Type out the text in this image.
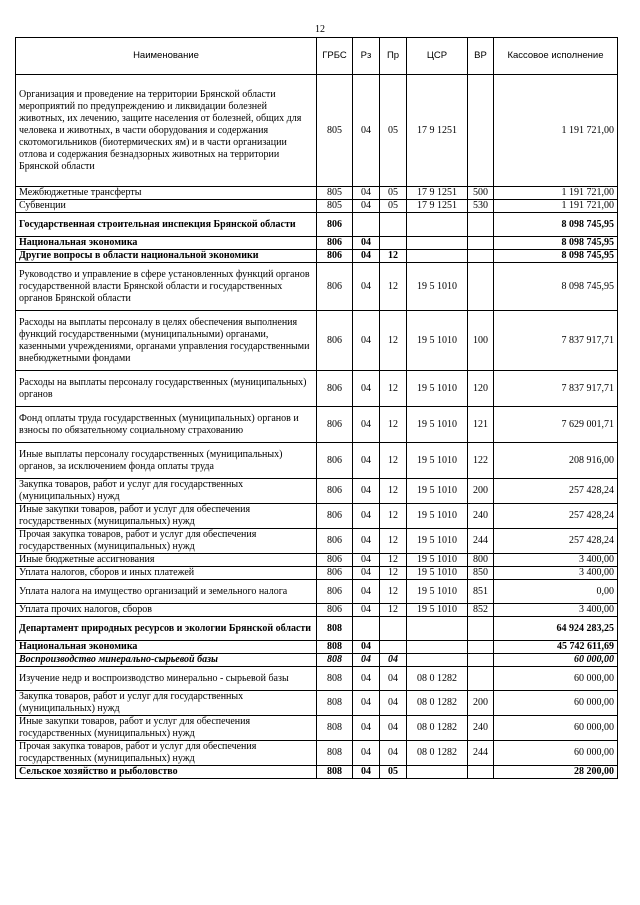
12
Наименование	ГРБС	Рз	Пр	ЦСР	ВР	Кассовое исполнение
Организация и проведение на территории Брянской области мероприятий по предупреждению и ликвидации болезней животных, их лечению, защите населения от болезней, общих для человека и животных, в части оборудования и содержания скотомогильников (биотермических ям) и в части организации отлова и содержания безнадзорных животных на территории Брянской области	805	04	05	17 9 1251		1 191 721,00
Межбюджетные трансферты	805	04	05	17 9 1251	500	1 191 721,00
Субвенции	805	04	05	17 9 1251	530	1 191 721,00
Государственная строительная инспекция Брянской области	806					8 098 745,95
Национальная экономика	806	04				8 098 745,95
Другие вопросы в области национальной экономики	806	04	12			8 098 745,95
Руководство и управление в сфере установленных функций органов государственной власти Брянской области и государственных органов Брянской области	806	04	12	19 5 1010		8 098 745,95
Расходы на выплаты персоналу в целях обеспечения выполнения функций государственными (муниципальными) органами, казенными учреждениями, органами управления государственными внебюджетными фондами	806	04	12	19 5 1010	100	7 837 917,71
Расходы на выплаты персоналу государственных (муниципальных) органов	806	04	12	19 5 1010	120	7 837 917,71
Фонд оплаты труда государственных (муниципальных) органов и взносы по обязательному социальному страхованию	806	04	12	19 5 1010	121	7 629 001,71
Иные выплаты персоналу государственных (муниципальных) органов, за исключением фонда оплаты труда	806	04	12	19 5 1010	122	208 916,00
Закупка товаров, работ и услуг для государственных (муниципальных) нужд	806	04	12	19 5 1010	200	257 428,24
Иные закупки товаров, работ и услуг для обеспечения государственных (муниципальных) нужд	806	04	12	19 5 1010	240	257 428,24
Прочая закупка товаров, работ и услуг для обеспечения государственных (муниципальных) нужд	806	04	12	19 5 1010	244	257 428,24
Иные бюджетные ассигнования	806	04	12	19 5 1010	800	3 400,00
Уплата налогов, сборов и иных платежей	806	04	12	19 5 1010	850	3 400,00
Уплата налога на имущество организаций и земельного налога	806	04	12	19 5 1010	851	0,00
Уплата прочих налогов, сборов	806	04	12	19 5 1010	852	3 400,00
Департамент природных ресурсов и экологии Брянской области	808					64 924 283,25
Национальная экономика	808	04				45 742 611,69
Воспроизводство минерально-сырьевой базы	808	04	04			60 000,00
Изучение недр и воспроизводство минерально - сырьевой базы	808	04	04	08 0 1282		60 000,00
Закупка товаров, работ и услуг для государственных (муниципальных) нужд	808	04	04	08 0 1282	200	60 000,00
Иные закупки товаров, работ и услуг для обеспечения государственных (муниципальных) нужд	808	04	04	08 0 1282	240	60 000,00
Прочая закупка товаров, работ и услуг для обеспечения государственных (муниципальных) нужд	808	04	04	08 0 1282	244	60 000,00
Сельское хозяйство и рыболовство	808	04	05			28 200,00
